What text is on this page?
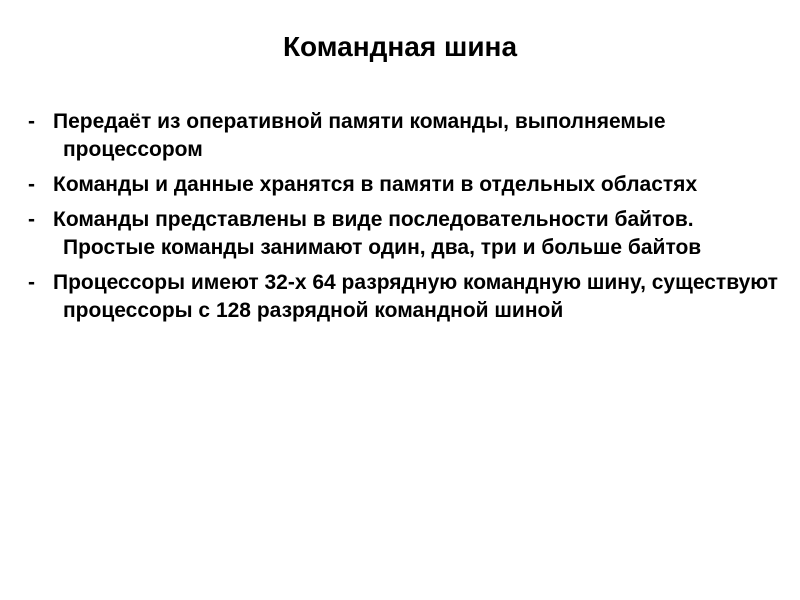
Командная шина
- Передаёт из оперативной памяти команды, выполняемые процессором
- Команды и данные хранятся в памяти в отдельных областях
- Команды представлены в виде последовательности байтов. Простые команды занимают один, два, три и больше байтов
- Процессоры имеют 32-х 64 разрядную командную шину, существуют процессоры с 128 разрядной командной шиной
